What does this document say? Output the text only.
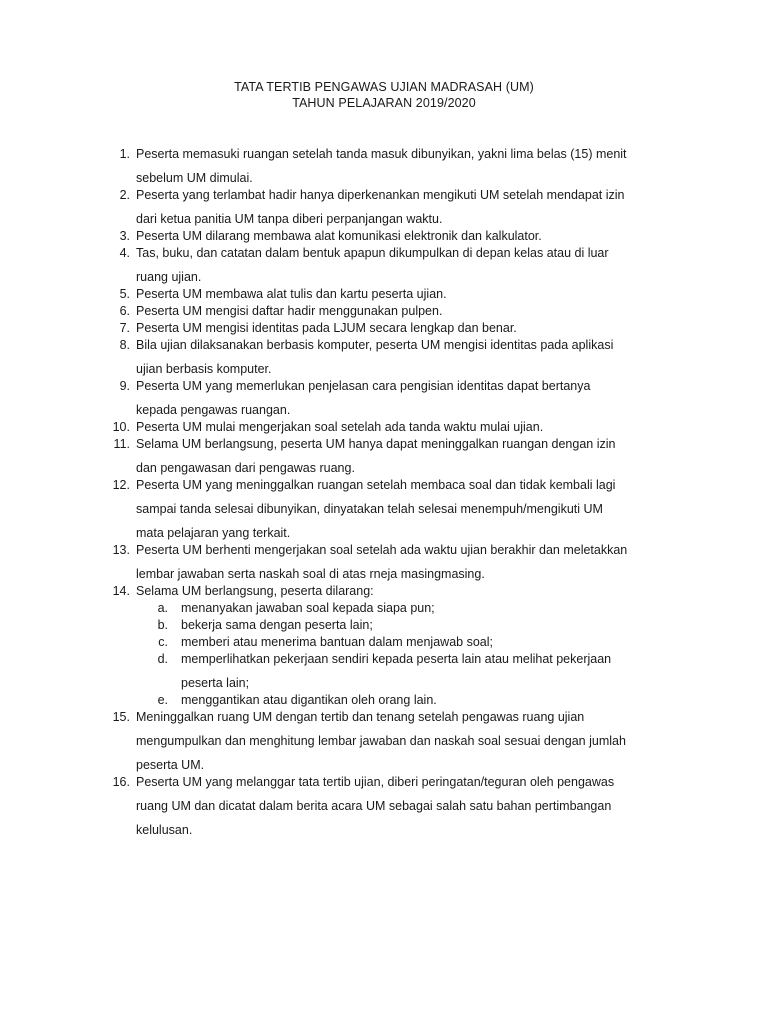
TATA TERTIB PENGAWAS UJIAN MADRASAH (UM)
TAHUN PELAJARAN 2019/2020
1. Peserta memasuki ruangan setelah tanda masuk dibunyikan, yakni lima belas (15) menit
sebelum UM dimulai.
2. Peserta yang terlambat hadir hanya diperkenankan mengikuti UM setelah mendapat izin
dari ketua panitia UM tanpa diberi perpanjangan waktu.
3. Peserta UM dilarang membawa alat komunikasi elektronik dan kalkulator.
4. Tas, buku, dan catatan dalam bentuk apapun dikumpulkan di depan kelas atau di luar
ruang ujian.
5. Peserta UM membawa alat tulis dan kartu peserta ujian.
6. Peserta UM mengisi daftar hadir menggunakan pulpen.
7. Peserta UM mengisi identitas pada LJUM secara lengkap dan benar.
8. Bila ujian dilaksanakan berbasis komputer, peserta UM mengisi identitas pada aplikasi
ujian berbasis komputer.
9. Peserta UM yang memerlukan penjelasan cara pengisian identitas dapat bertanya
kepada pengawas ruangan.
10. Peserta UM mulai mengerjakan soal setelah ada tanda waktu mulai ujian.
11. Selama UM berlangsung, peserta UM hanya dapat meninggalkan ruangan dengan izin
dan pengawasan dari pengawas ruang.
12. Peserta UM yang meninggalkan ruangan setelah membaca soal dan tidak kembali lagi
sampai tanda selesai dibunyikan, dinyatakan telah selesai menempuh/mengikuti UM
mata pelajaran yang terkait.
13. Peserta UM berhenti mengerjakan soal setelah ada waktu ujian berakhir dan meletakkan
lembar jawaban serta naskah soal di atas rneja masingmasing.
14. Selama UM berlangsung, peserta dilarang:
a. menanyakan jawaban soal kepada siapa pun;
b. bekerja sama dengan peserta lain;
c. memberi atau menerima bantuan dalam menjawab soal;
d. memperlihatkan pekerjaan sendiri kepada peserta lain atau melihat pekerjaan
peserta lain;
e. menggantikan atau digantikan oleh orang lain.
15. Meninggalkan ruang UM dengan tertib dan tenang setelah pengawas ruang ujian
mengumpulkan dan menghitung lembar jawaban dan naskah soal sesuai dengan jumlah
peserta UM.
16. Peserta UM yang melanggar tata tertib ujian, diberi peringatan/teguran oleh pengawas
ruang UM dan dicatat dalam berita acara UM sebagai salah satu bahan pertimbangan
kelulusan.
